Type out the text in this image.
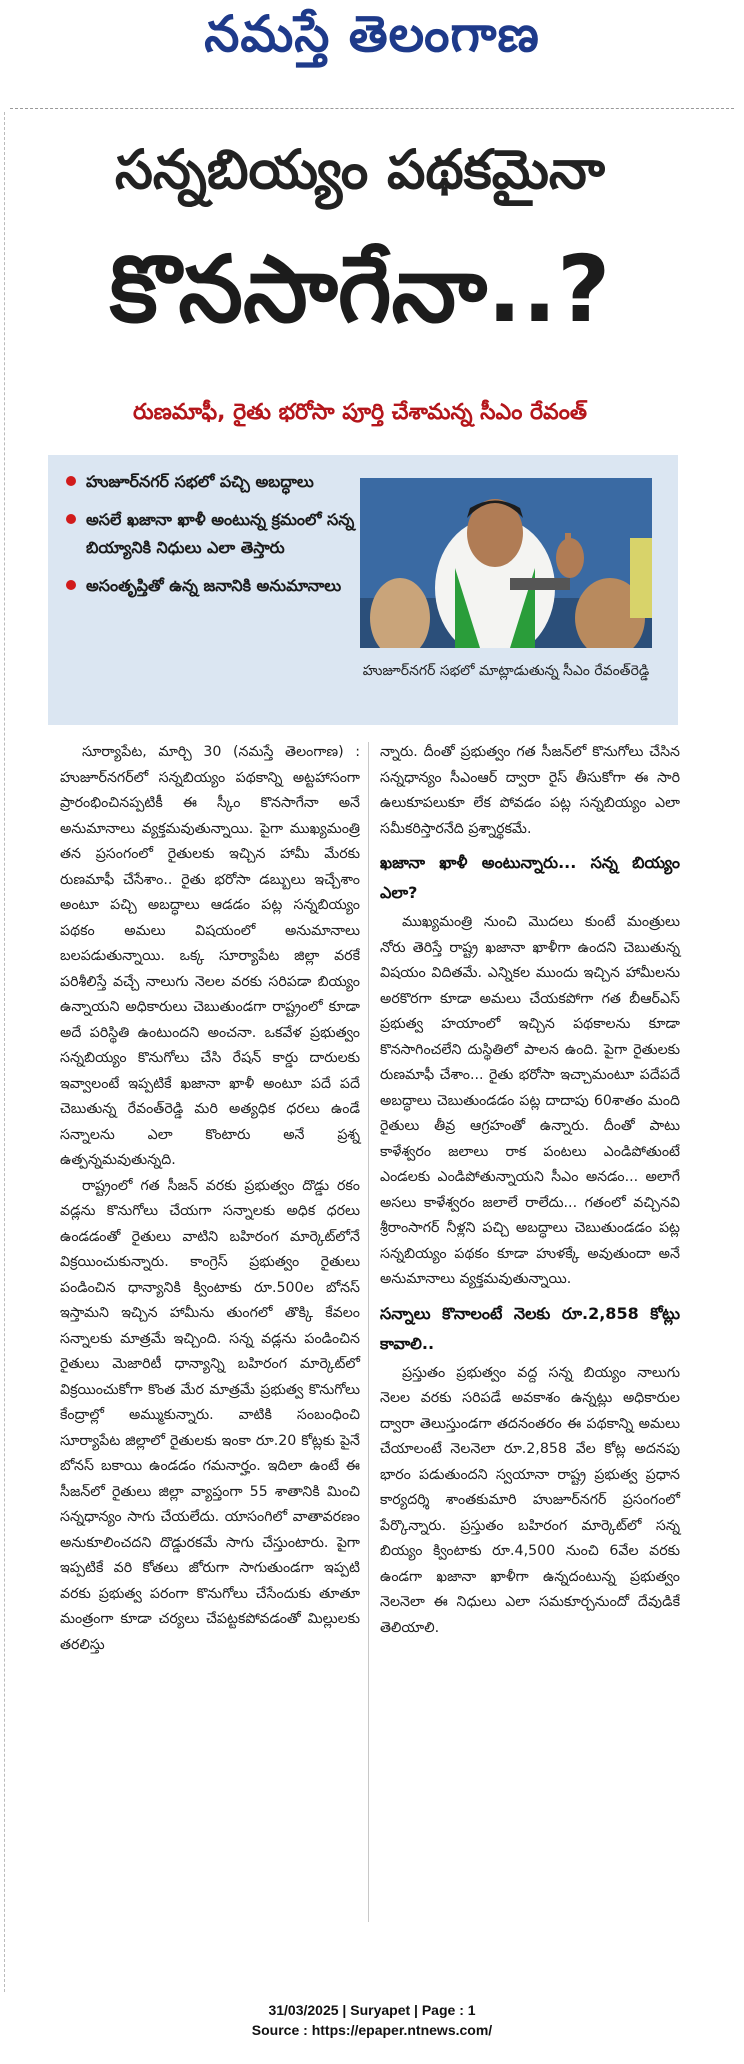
నమస్తే తెలంగాణ
సన్నబియ్యం పథకమైనా
కొనసాగేనా..?
రుణమాఫీ, రైతు భరోసా పూర్తి చేశామన్న సీఎం రేవంత్
హుజూర్‌నగర్ సభలో పచ్చి అబద్ధాలు
అసలే ఖజానా ఖాళీ అంటున్న క్రమంలో సన్న బియ్యానికి నిధులు ఎలా తెస్తారు
అసంతృప్తితో ఉన్న జనానికి అనుమానాలు
హుజూర్‌నగర్ సభలో మాట్లాడుతున్న సీఎం రేవంత్‌రెడ్డి

సూర్యాపేట, మార్చి 30 (నమస్తే తెలంగాణ) : హుజూర్‌నగర్‌లో సన్నబియ్యం పథకాన్ని అట్టహాసంగా ప్రారంభించినప్పటికీ ఈ స్కీం కొనసాగేనా అనే అనుమానాలు వ్యక్తమవుతున్నాయి. పైగా ముఖ్యమంత్రి తన ప్రసంగంలో రైతులకు ఇచ్చిన హామీ మేరకు రుణమాఫీ చేసేశాం.. రైతు భరోసా డబ్బులు ఇచ్చేశాం అంటూ పచ్చి అబద్ధాలు ఆడడం పట్ల సన్నబియ్యం పథకం అమలు విషయంలో అనుమానాలు బలపడుతున్నాయి. ఒక్క సూర్యాపేట జిల్లా వరకే పరిశీలిస్తే వచ్చే నాలుగు నెలల వరకు సరిపడా బియ్యం ఉన్నాయని అధికారులు చెబుతుండగా రాష్ట్రంలో కూడా అదే పరిస్థితి ఉంటుందని అంచనా. ఒకవేళ ప్రభుత్వం సన్నబియ్యం కొనుగోలు చేసి రేషన్ కార్డు దారులకు ఇవ్వాలంటే ఇప్పటికే ఖజానా ఖాళీ అంటూ పదే పదే చెబుతున్న రేవంత్‌రెడ్డి మరి అత్యధిక ధరలు ఉండే సన్నాలను ఎలా కొంటారు అనే ప్రశ్న ఉత్పన్నమవుతున్నది.

రాష్ట్రంలో గత సీజన్ వరకు ప్రభుత్వం దొడ్డు రకం వడ్లను కొనుగోలు చేయగా సన్నాలకు అధిక ధరలు ఉండడంతో రైతులు వాటిని బహిరంగ మార్కెట్‌లోనే విక్రయించుకున్నారు. కాంగ్రెస్ ప్రభుత్వం రైతులు పండించిన ధాన్యానికి క్వింటాకు రూ.500ల బోనస్ ఇస్తామని ఇచ్చిన హామీను తుంగలో తొక్కి కేవలం సన్నాలకు మాత్రమే ఇచ్చింది. సన్న వడ్లను పండించిన రైతులు మెజారిటీ ధాన్యాన్ని బహిరంగ మార్కెట్‌లో విక్రయించుకోగా కొంత మేర మాత్రమే ప్రభుత్వ కొనుగోలు కేంద్రాల్లో అమ్ముకున్నారు. వాటికి సంబంధించి సూర్యాపేట జిల్లాలో రైతులకు ఇంకా రూ.20 కోట్లకు పైనే బోనస్ బకాయి ఉండడం గమనార్హం. ఇదిలా ఉంటే ఈ సీజన్‌లో రైతులు జిల్లా వ్యాప్తంగా 55 శాతానికి మించి సన్నధాన్యం సాగు చేయలేదు. యాసంగిలో వాతావరణం అనుకూలించదని దొడ్డురకమే సాగు చేస్తుంటారు. పైగా ఇప్పటికే వరి కోతలు జోరుగా సాగుతుండగా ఇప్పటి వరకు ప్రభుత్వ పరంగా కొనుగోలు చేసేందుకు తూతూ మంత్రంగా కూడా చర్యలు చేపట్టకపోవడంతో మిల్లులకు తరలిస్తు

న్నారు. దీంతో ప్రభుత్వం గత సీజన్‌లో కొనుగోలు చేసిన సన్నధాన్యం సీఎంఆర్ ద్వారా రైస్ తీసుకోగా ఈ సారి ఉలుకూపలుకూ లేక పోవడం పట్ల సన్నబియ్యం ఎలా సమీకరిస్తారనేది ప్రశ్నార్థకమే.

ఖజానా ఖాళీ అంటున్నారు... సన్న బియ్యం ఎలా?

ముఖ్యమంత్రి నుంచి మొదలు కుంటే మంత్రులు నోరు తెరిస్తే రాష్ట్ర ఖజానా ఖాళీగా ఉందని చెబుతున్న విషయం విదితమే. ఎన్నికల ముందు ఇచ్చిన హామీలను అరకొరగా కూడా అమలు చేయకపోగా గత బీఆర్‌ఎస్ ప్రభుత్వ హయాంలో ఇచ్చిన పథకాలను కూడా కొనసాగించలేని దుస్థితిలో పాలన ఉంది. పైగా రైతులకు రుణమాఫీ చేశాం... రైతు భరోసా ఇచ్చామంటూ పదేపదే అబద్ధాలు చెబుతుండడం పట్ల దాదాపు 60శాతం మంది రైతులు తీవ్ర ఆగ్రహంతో ఉన్నారు. దీంతో పాటు కాళేశ్వరం జలాలు రాక పంటలు ఎండిపోతుంటే ఎండలకు ఎండిపోతున్నాయని సీఎం అనడం... అలాగే అసలు కాళేశ్వరం జలాలే రాలేదు... గతంలో వచ్చినవి శ్రీరాంసాగర్ నీళ్లని పచ్చి అబద్ధాలు చెబుతుండడం పట్ల సన్నబియ్యం పథకం కూడా హుళక్కే అవుతుందా అనే అనుమానాలు వ్యక్తమవుతున్నాయి.

సన్నాలు కొనాలంటే నెలకు రూ.2,858 కోట్లు కావాలి..

ప్రస్తుతం ప్రభుత్వం వద్ద సన్న బియ్యం నాలుగు నెలల వరకు సరిపడే అవకాశం ఉన్నట్లు అధికారుల ద్వారా తెలుస్తుండగా తదనంతరం ఈ పథకాన్ని అమలు చేయాలంటే నెలనెలా రూ.2,858 వేల కోట్ల అదనపు భారం పడుతుందని స్వయానా రాష్ట్ర ప్రభుత్వ ప్రధాన కార్యదర్శి శాంతకుమారి హుజూర్‌నగర్ ప్రసంగంలో పేర్కొన్నారు. ప్రస్తుతం బహిరంగ మార్కెట్‌లో సన్న బియ్యం క్వింటాకు రూ.4,500 నుంచి 6వేల వరకు ఉండగా ఖజానా ఖాళీగా ఉన్నదంటున్న ప్రభుత్వం నెలనెలా ఈ నిధులు ఎలా సమకూర్చనుందో దేవుడికే తెలియాలి.

31/03/2025 | Suryapet | Page : 1
Source : https://epaper.ntnews.com/
